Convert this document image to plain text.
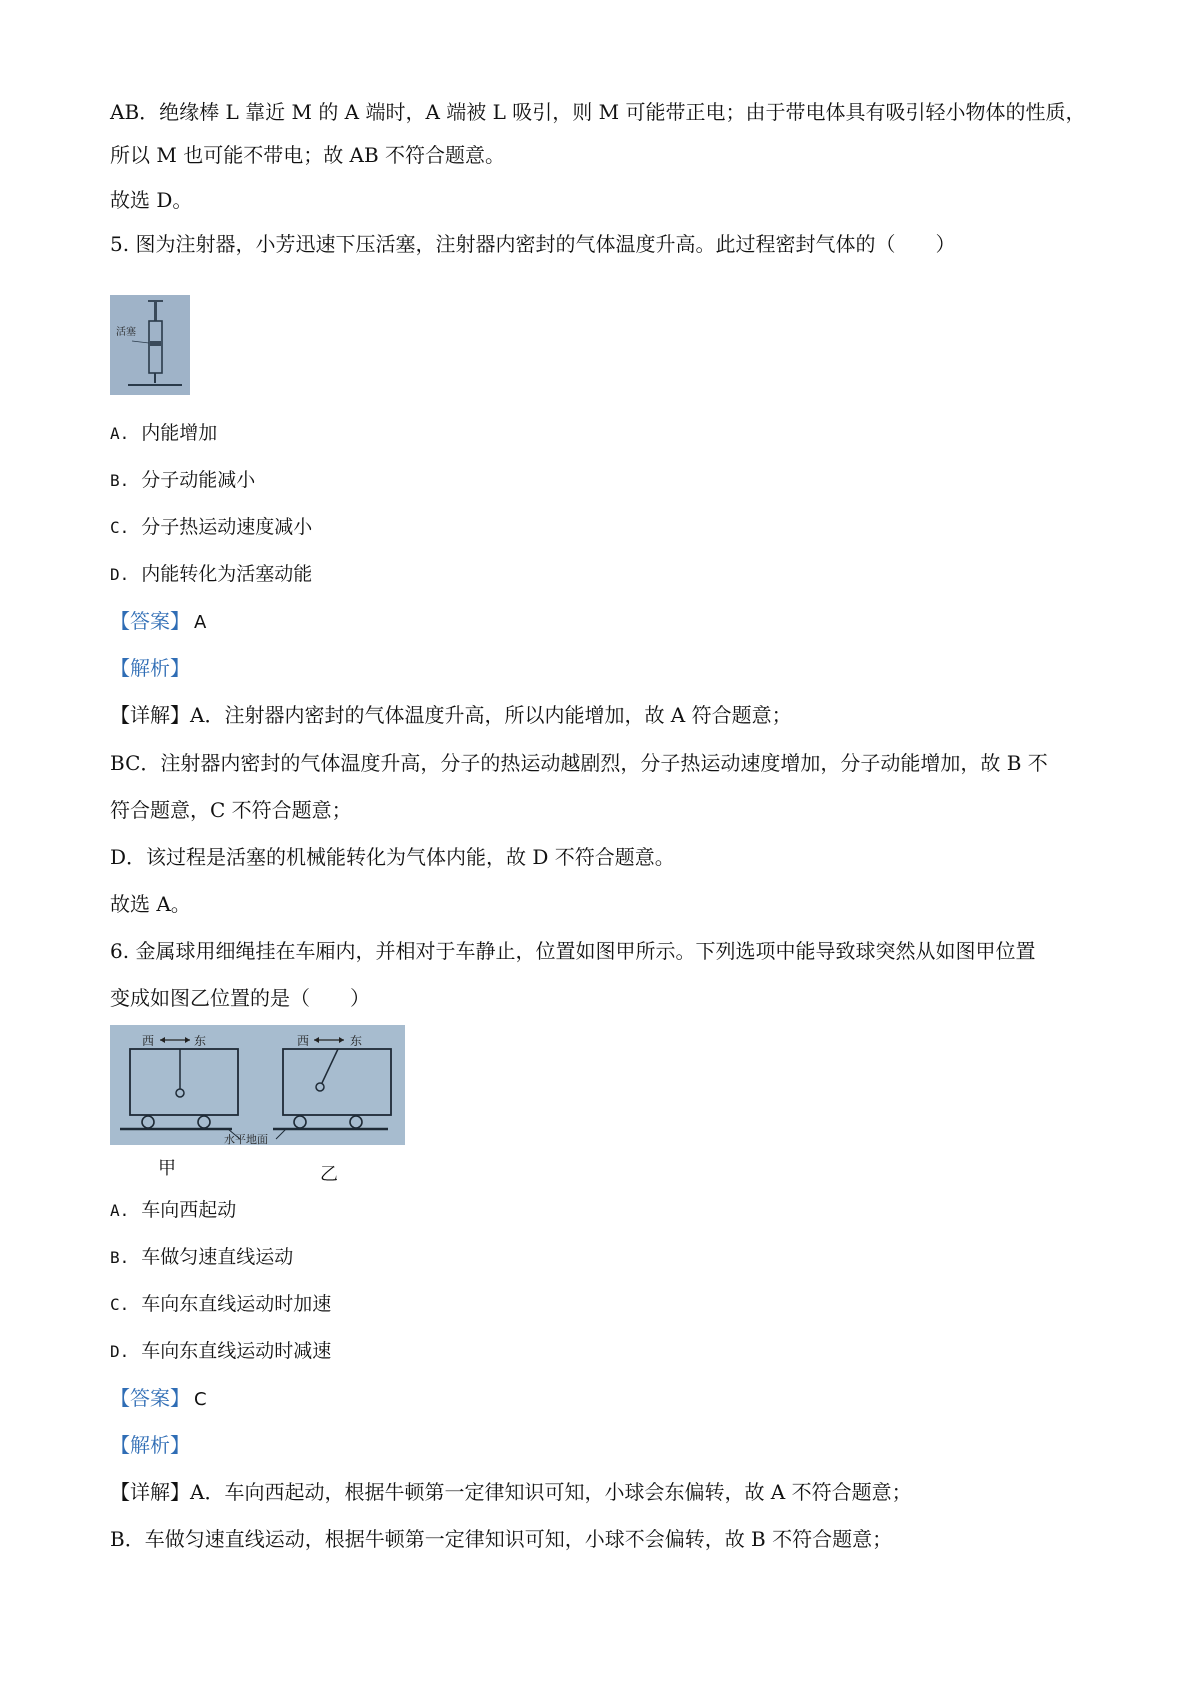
AB．绝缘棒 L 靠近 M 的 A 端时，A 端被 L 吸引，则 M 可能带正电；由于带电体具有吸引轻小物体的性质，

所以 M 也可能不带电；故 AB 不符合题意。

故选 D。

5. 图为注射器，小芳迅速下压活塞，注射器内密封的气体温度升高。此过程密封气体的（　　）

活塞

A. 内能增加

B. 分子动能减小

C. 分子热运动速度减小

D. 内能转化为活塞动能

【答案】 A

【解析】

【详解】A．注射器内密封的气体温度升高，所以内能增加，故 A 符合题意；

BC．注射器内密封的气体温度升高，分子的热运动越剧烈，分子热运动速度增加，分子动能增加，故 B 不

符合题意，C 不符合题意；

D．该过程是活塞的机械能转化为气体内能，故 D 不符合题意。

故选 A。

6. 金属球用细绳挂在车厢内，并相对于车静止，位置如图甲所示。下列选项中能导致球突然从如图甲位置

变成如图乙位置的是（　　）

西	东	西	东
水平地面
甲	乙

A. 车向西起动

B. 车做匀速直线运动

C. 车向东直线运动时加速

D. 车向东直线运动时减速

【答案】 C

【解析】

【详解】A．车向西起动，根据牛顿第一定律知识可知，小球会东偏转，故 A 不符合题意；

B．车做匀速直线运动，根据牛顿第一定律知识可知，小球不会偏转，故 B 不符合题意；
